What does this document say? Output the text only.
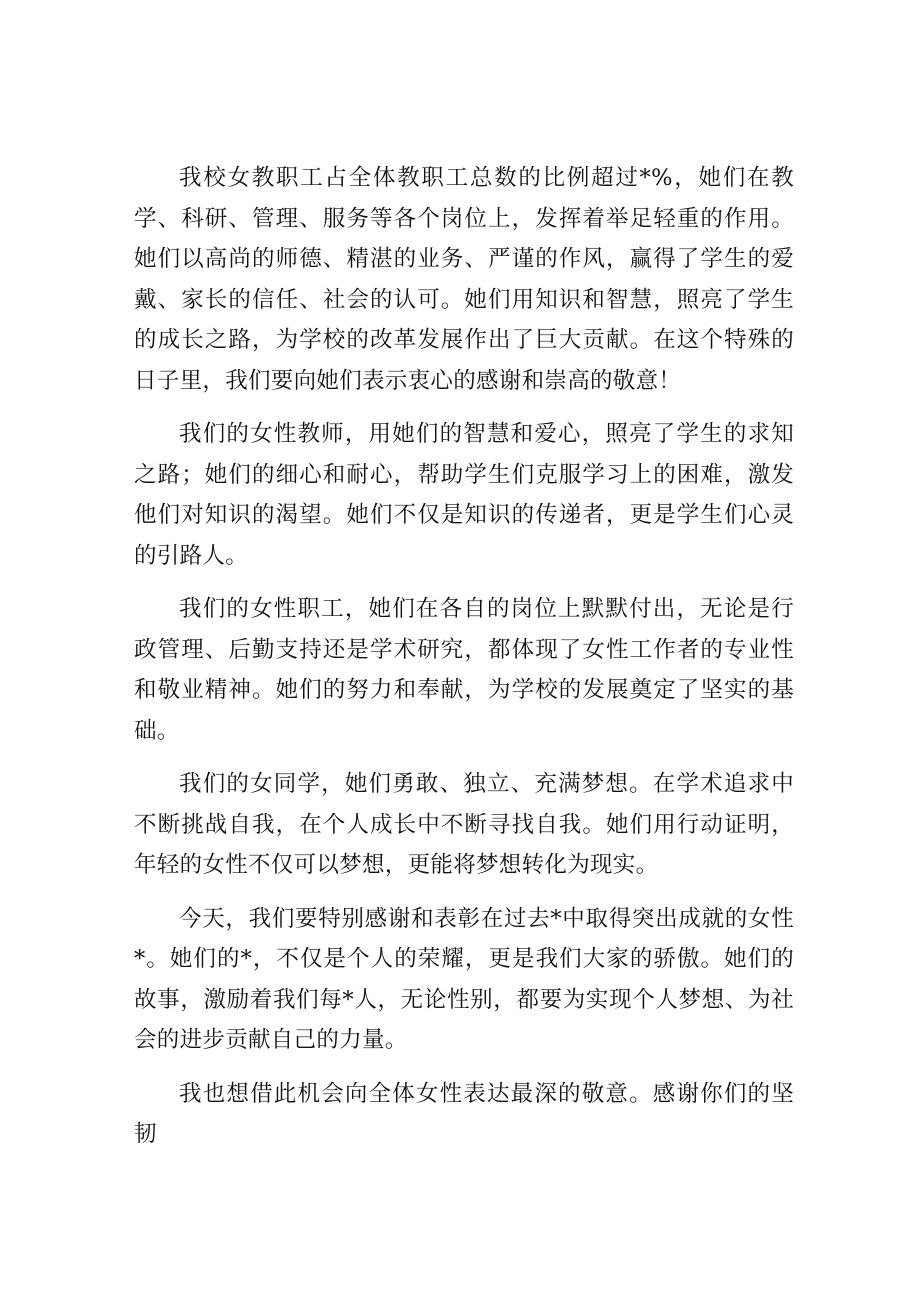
我校女教职工占全体教职工总数的比例超过*%，她们在教学、科研、管理、服务等各个岗位上，发挥着举足轻重的作用。她们以高尚的师德、精湛的业务、严谨的作风，赢得了学生的爱戴、家长的信任、社会的认可。她们用知识和智慧，照亮了学生的成长之路，为学校的改革发展作出了巨大贡献。在这个特殊的日子里，我们要向她们表示衷心的感谢和崇高的敬意！

我们的女性教师，用她们的智慧和爱心，照亮了学生的求知之路；她们的细心和耐心，帮助学生们克服学习上的困难，激发他们对知识的渴望。她们不仅是知识的传递者，更是学生们心灵的引路人。

我们的女性职工，她们在各自的岗位上默默付出，无论是行政管理、后勤支持还是学术研究，都体现了女性工作者的专业性和敬业精神。她们的努力和奉献，为学校的发展奠定了坚实的基础。

我们的女同学，她们勇敢、独立、充满梦想。在学术追求中不断挑战自我，在个人成长中不断寻找自我。她们用行动证明，年轻的女性不仅可以梦想，更能将梦想转化为现实。

今天，我们要特别感谢和表彰在过去*中取得突出成就的女性*。她们的*，不仅是个人的荣耀，更是我们大家的骄傲。她们的故事，激励着我们每*人，无论性别，都要为实现个人梦想、为社会的进步贡献自己的力量。

我也想借此机会向全体女性表达最深的敬意。感谢你们的坚韧
